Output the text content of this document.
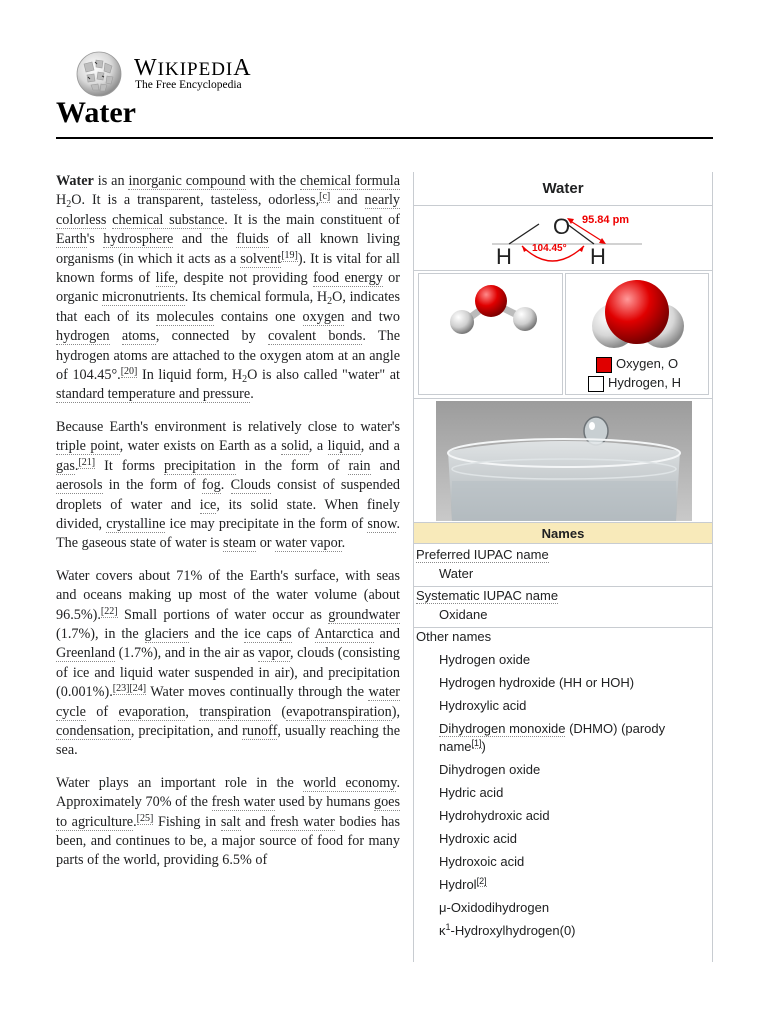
WIKIPEDIA
The Free Encyclopedia
Water

Water is an inorganic compound with the chemical formula $H_2O$. It is a transparent, tasteless, odorless,[c] and nearly colorless chemical substance. It is the main constituent of Earth's hydrosphere and the fluids of all known living organisms (in which it acts as a solvent[19]). It is vital for all known forms of life, despite not providing food energy or organic micronutrients. Its chemical formula, $H_2O$, indicates that each of its molecules contains one oxygen and two hydrogen atoms, connected by covalent bonds. The hydrogen atoms are attached to the oxygen atom at an angle of 104.45°.[20] In liquid form, $H_2O$ is also called "water" at standard temperature and pressure.

Because Earth's environment is relatively close to water's triple point, water exists on Earth as a solid, a liquid, and a gas.[21] It forms precipitation in the form of rain and aerosols in the form of fog. Clouds consist of suspended droplets of water and ice, its solid state. When finely divided, crystalline ice may precipitate in the form of snow. The gaseous state of water is steam or water vapor.

Water covers about 71% of the Earth's surface, with seas and oceans making up most of the water volume (about 96.5%).[22] Small portions of water occur as groundwater (1.7%), in the glaciers and the ice caps of Antarctica and Greenland (1.7%), and in the air as vapor, clouds (consisting of ice and liquid water suspended in air), and precipitation (0.001%).[23][24] Water moves continually through the water cycle of evaporation, transpiration (evapotranspiration), condensation, precipitation, and runoff, usually reaching the sea.

Water plays an important role in the world economy. Approximately 70% of the fresh water used by humans goes to agriculture.[25] Fishing in salt and fresh water bodies has been, and continues to be, a major source of food for many parts of the world, providing 6.5% of

Water
O
H	H
104.45°
95.84 pm
Oxygen, O
Hydrogen, H
Names
Preferred IUPAC name
Water
Systematic IUPAC name
Oxidane
Other names
Hydrogen oxide
Hydrogen hydroxide (HH or HOH)
Hydroxylic acid
Dihydrogen monoxide (DHMO) (parody name[1])
Dihydrogen oxide
Hydric acid
Hydrohydroxic acid
Hydroxic acid
Hydroxoic acid
Hydrol[2]
μ-Oxidodihydrogen
$\kappa^1-Hydroxylhydrogen(0)$
